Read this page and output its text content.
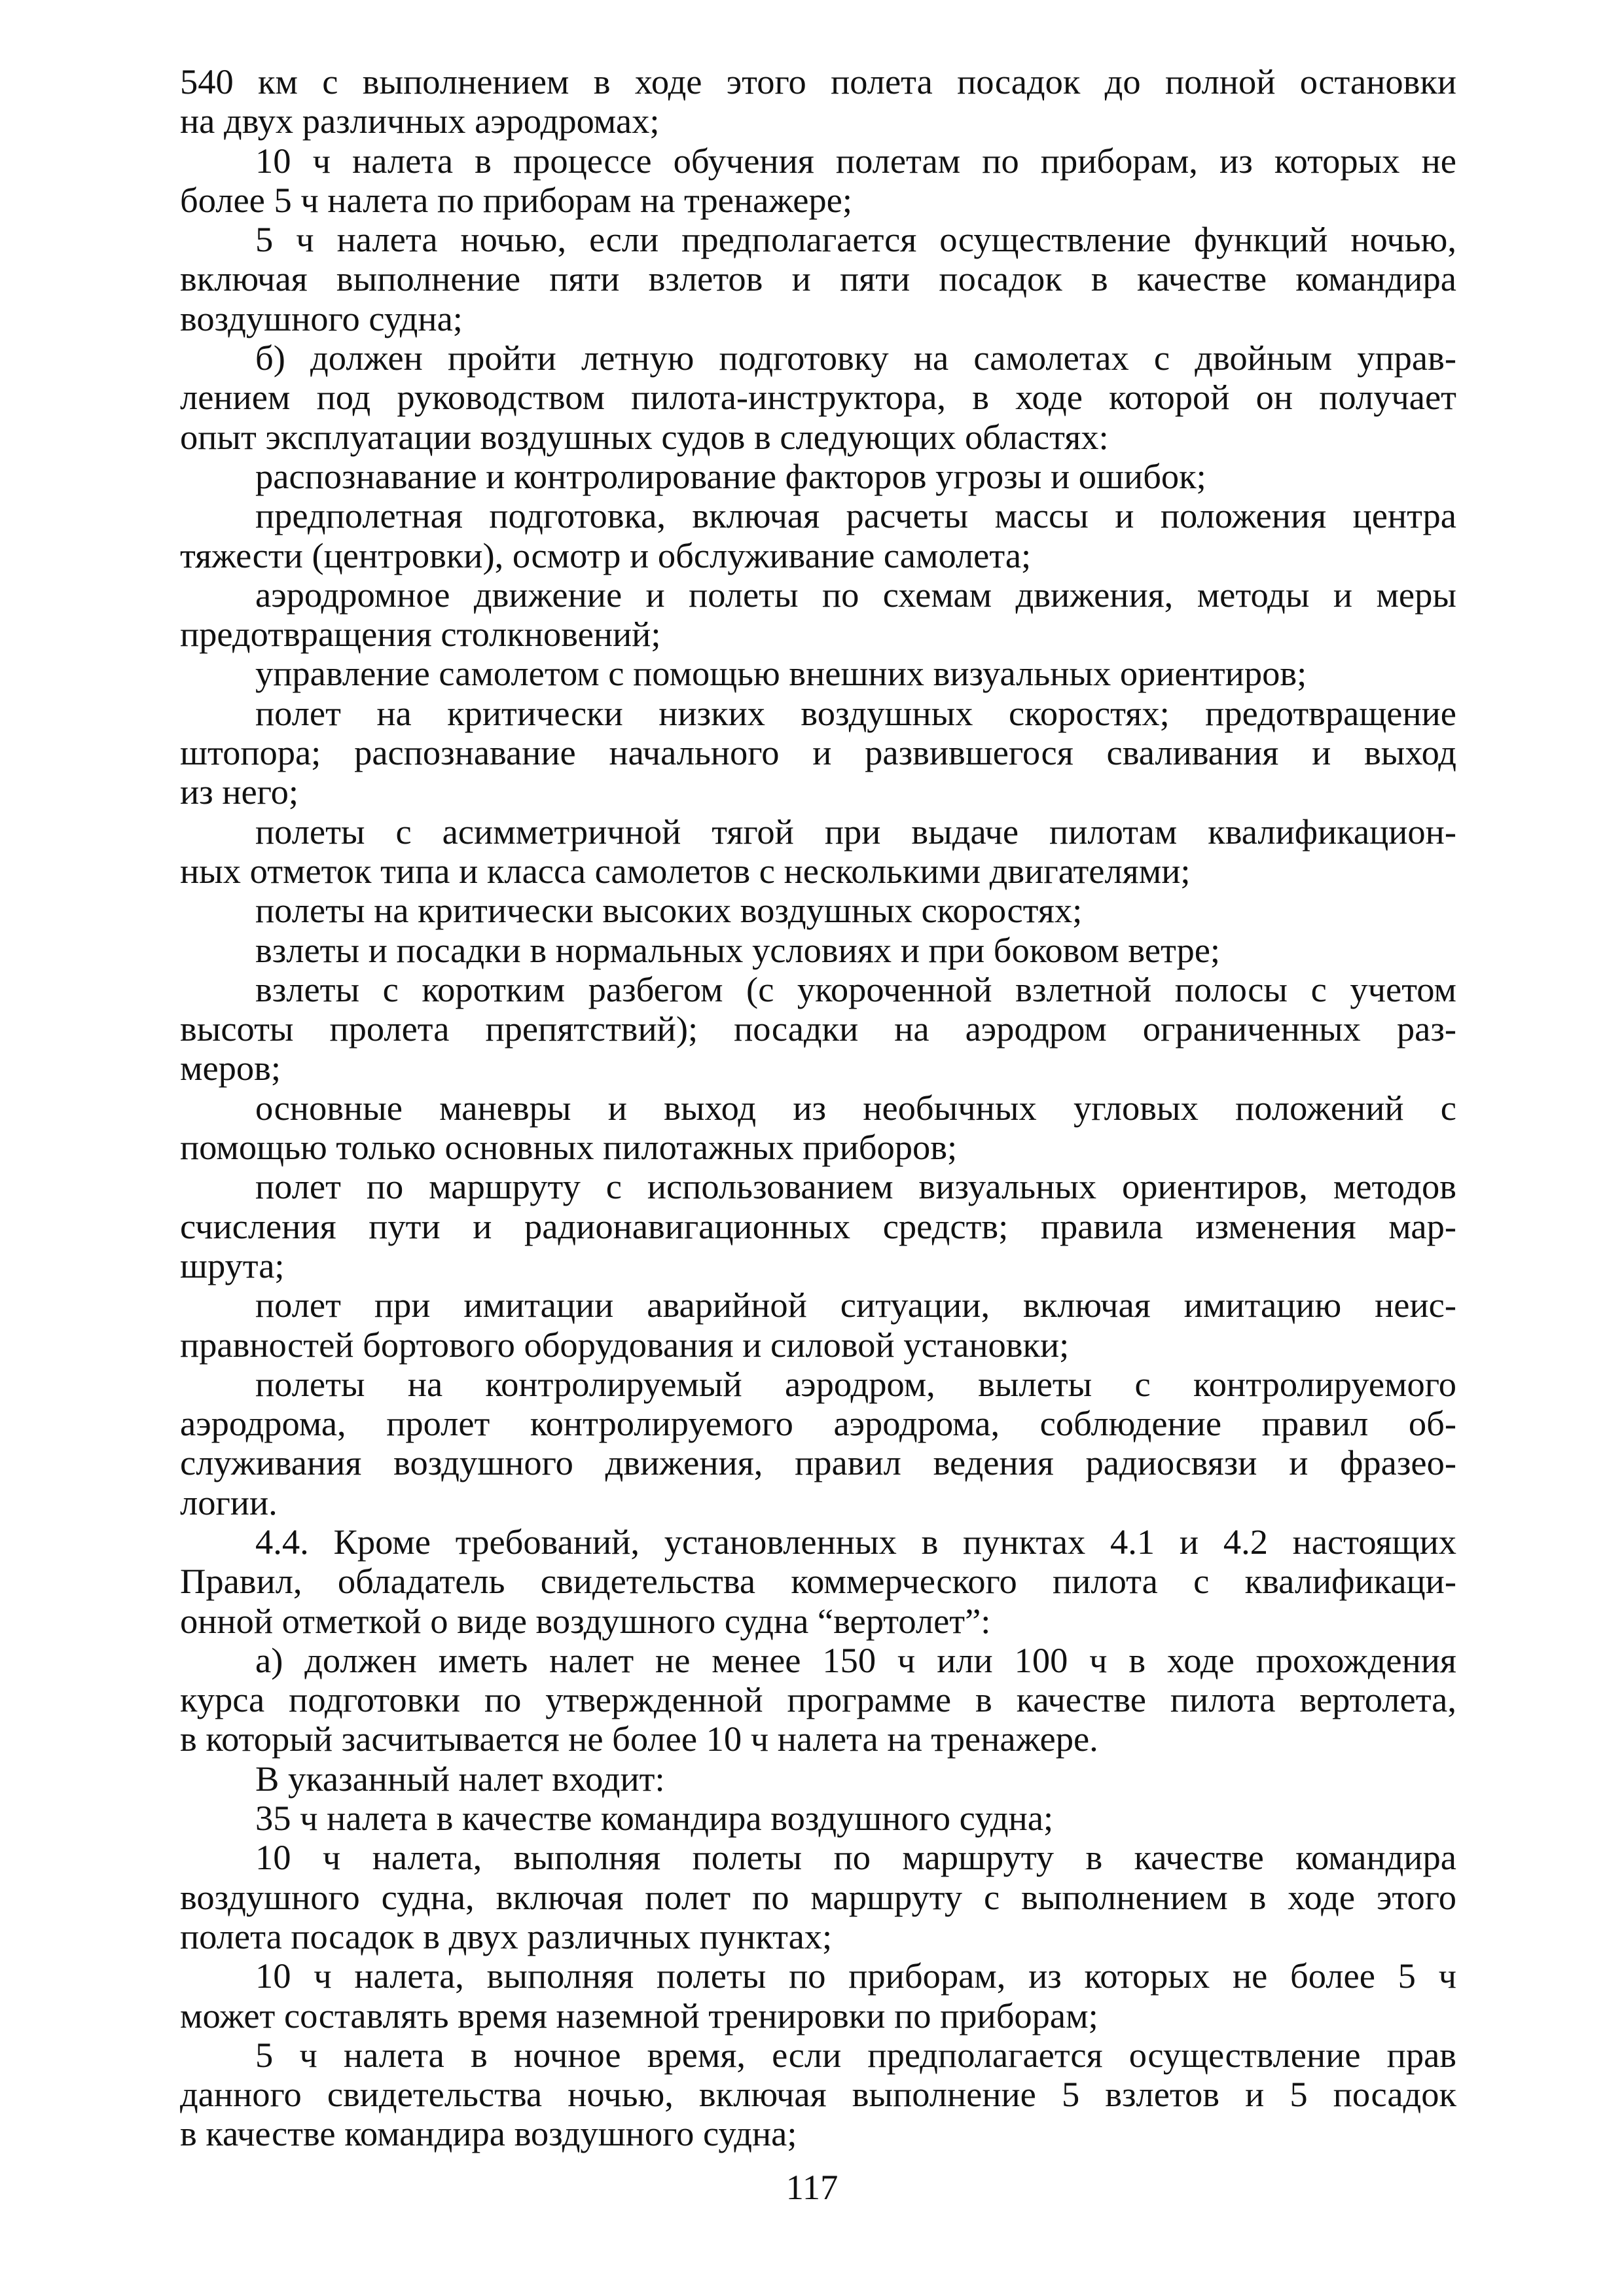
540 км с выполнением в ходе этого полета посадок до полной остановки
на двух различных аэродромах;
10 ч налета в процессе обучения полетам по приборам, из которых не
более 5 ч налета по приборам на тренажере;
5 ч налета ночью, если предполагается осуществление функций ночью,
включая выполнение пяти взлетов и пяти посадок в качестве командира
воздушного судна;
б) должен пройти летную подготовку на самолетах с двойным управ-
лением под руководством пилота-инструктора, в ходе которой он получает
опыт эксплуатации воздушных судов в следующих областях:
распознавание и контролирование факторов угрозы и ошибок;
предполетная подготовка, включая расчеты массы и положения центра
тяжести (центровки), осмотр и обслуживание самолета;
аэродромное движение и полеты по схемам движения, методы и меры
предотвращения столкновений;
управление самолетом с помощью внешних визуальных ориентиров;
полет на критически низких воздушных скоростях; предотвращение
штопора; распознавание начального и развившегося сваливания и выход
из него;
полеты с асимметричной тягой при выдаче пилотам квалификацион-
ных отметок типа и класса самолетов с несколькими двигателями;
полеты на критически высоких воздушных скоростях;
взлеты и посадки в нормальных условиях и при боковом ветре;
взлеты с коротким разбегом (с укороченной взлетной полосы с учетом
высоты пролета препятствий); посадки на аэродром ограниченных раз-
меров;
основные маневры и выход из необычных угловых положений с
помощью только основных пилотажных приборов;
полет по маршруту с использованием визуальных ориентиров, методов
счисления пути и радионавигационных средств; правила изменения мар-
шрута;
полет при имитации аварийной ситуации, включая имитацию неис-
правностей бортового оборудования и силовой установки;
полеты на контролируемый аэродром, вылеты с контролируемого
аэродрома, пролет контролируемого аэродрома, соблюдение правил об-
служивания воздушного движения, правил ведения радиосвязи и фразео-
логии.
4.4. Кроме требований, установленных в пунктах 4.1 и 4.2 настоящих
Правил, обладатель свидетельства коммерческого пилота с квалификаци-
онной отметкой о виде воздушного судна “вертолет”:
а) должен иметь налет не менее 150 ч или 100 ч в ходе прохождения
курса подготовки по утвержденной программе в качестве пилота вертолета,
в который засчитывается не более 10 ч налета на тренажере.
В указанный налет входит:
35 ч налета в качестве командира воздушного судна;
10 ч налета, выполняя полеты по маршруту в качестве командира
воздушного судна, включая полет по маршруту с выполнением в ходе этого
полета посадок в двух различных пунктах;
10 ч налета, выполняя полеты по приборам, из которых не более 5 ч
может составлять время наземной тренировки по приборам;
5 ч налета в ночное время, если предполагается осуществление прав
данного свидетельства ночью, включая выполнение 5 взлетов и 5 посадок
в качестве командира воздушного судна;
117
